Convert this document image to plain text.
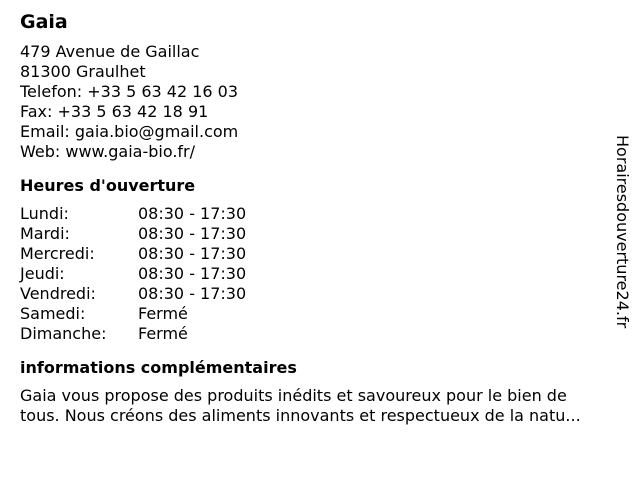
Gaia
479 Avenue de Gaillac
81300 Graulhet
Telefon: +33 5 63 42 16 03
Fax: +33 5 63 42 18 91
Email: gaia.bio@gmail.com
Web: www.gaia-bio.fr/
Heures d'ouverture
Lundi:	08:30 - 17:30
Mardi:	08:30 - 17:30
Mercredi:	08:30 - 17:30
Jeudi:	08:30 - 17:30
Vendredi:	08:30 - 17:30
Samedi:	Fermé
Dimanche:	Fermé
informations complémentaires
Gaia vous propose des produits inédits et savoureux pour le bien de
tous. Nous créons des aliments innovants et respectueux de la natu...
Horairesdouverture24.fr
